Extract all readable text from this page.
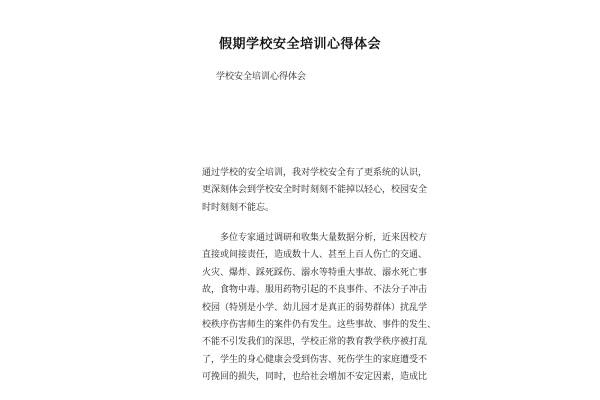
假期学校安全培训心得体会

学校安全培训心得体会

通过学校的安全培训，我对学校安全有了更系统的认识，
更深刻体会到学校安全时时刻刻不能掉以轻心，校园安全
时时刻刻不能忘。
　　多位专家通过调研和收集大量数据分析，近来因校方
直接或间接责任，造成数十人、甚至上百人伤亡的交通、
火灾、爆炸、踩死踩伤、溺水等特重大事故、溺水死亡事
故，食物中毒、服用药物引起的不良事件、不法分子冲击
校园（特别是小学、幼儿园才是真正的弱势群体）扰乱学
校秩序伤害师生的案件仍有发生。这些事故、事件的发生、
不能不引发我们的深思，学校正常的教育教学秩序被打乱
了，学生的身心健康会受到伤害、死伤学生的家庭遭受不
可挽回的损失，同时，也给社会增加不安定因素，造成比
